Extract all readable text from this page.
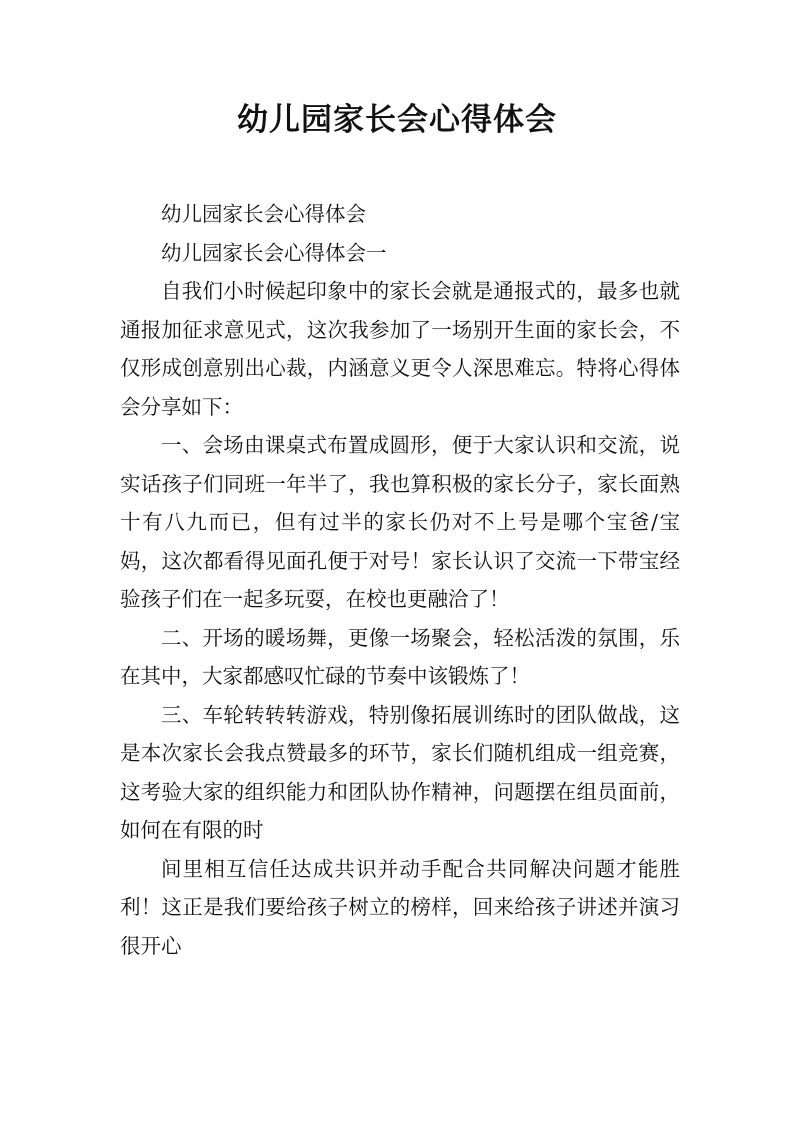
幼儿园家长会心得体会

幼儿园家长会心得体会

幼儿园家长会心得体会一

自我们小时候起印象中的家长会就是通报式的，最多也就通报加征求意见式，这次我参加了一场别开生面的家长会，不仅形成创意别出心裁，内涵意义更令人深思难忘。特将心得体会分享如下：

一、会场由课桌式布置成圆形，便于大家认识和交流，说实话孩子们同班一年半了，我也算积极的家长分子，家长面熟十有八九而已，但有过半的家长仍对不上号是哪个宝爸/宝妈，这次都看得见面孔便于对号！家长认识了交流一下带宝经验孩子们在一起多玩耍，在校也更融洽了！

二、开场的暖场舞，更像一场聚会，轻松活泼的氛围，乐在其中，大家都感叹忙碌的节奏中该锻炼了！

三、车轮转转转游戏，特别像拓展训练时的团队做战，这是本次家长会我点赞最多的环节，家长们随机组成一组竞赛，这考验大家的组织能力和团队协作精神，问题摆在组员面前，如何在有限的时

间里相互信任达成共识并动手配合共同解决问题才能胜利！这正是我们要给孩子树立的榜样，回来给孩子讲述并演习很开心
